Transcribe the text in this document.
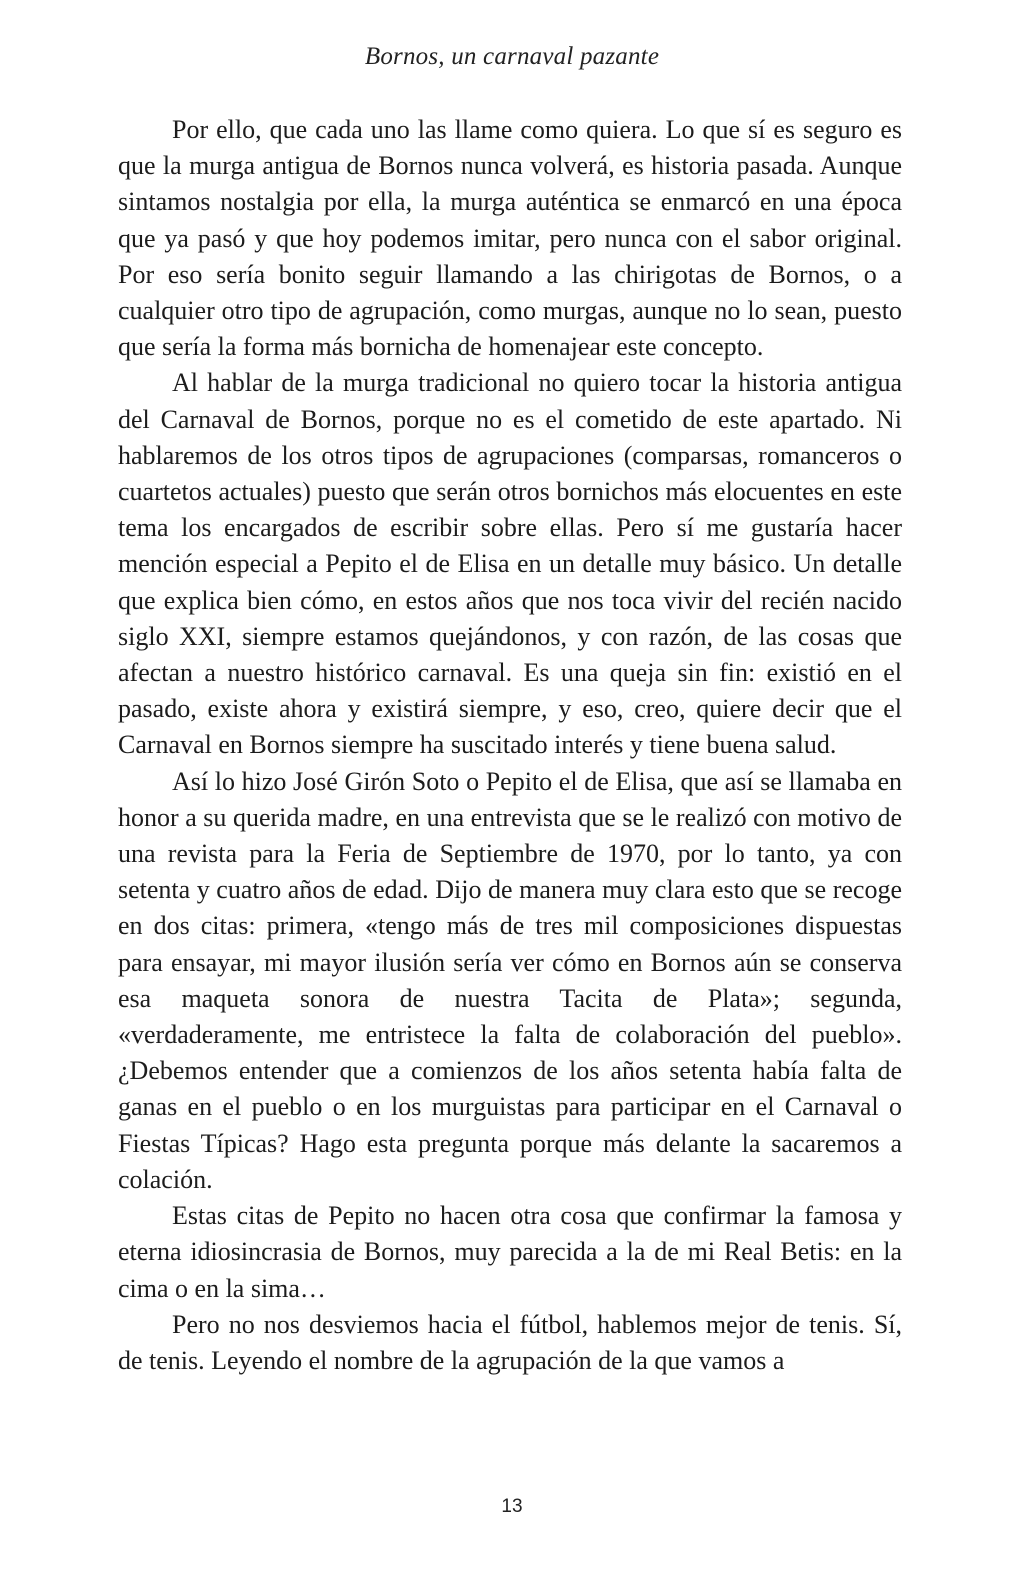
Bornos, un carnaval pazante

Por ello, que cada uno las llame como quiera. Lo que sí es seguro es que la murga antigua de Bornos nunca volverá, es historia pasada. Aunque sintamos nostalgia por ella, la murga auténtica se enmarcó en una época que ya pasó y que hoy podemos imitar, pero nunca con el sabor original. Por eso sería bonito seguir llamando a las chirigotas de Bornos, o a cualquier otro tipo de agrupación, como murgas, aunque no lo sean, puesto que sería la forma más bornicha de homenajear este concepto.

Al hablar de la murga tradicional no quiero tocar la historia antigua del Carnaval de Bornos, porque no es el cometido de este apartado. Ni hablaremos de los otros tipos de agrupaciones (comparsas, romanceros o cuartetos actuales) puesto que serán otros bornichos más elocuentes en este tema los encargados de escribir sobre ellas. Pero sí me gustaría hacer mención especial a Pepito el de Elisa en un detalle muy básico. Un detalle que explica bien cómo, en estos años que nos toca vivir del recién nacido siglo XXI, siempre estamos quejándonos, y con razón, de las cosas que afectan a nuestro histórico carnaval. Es una queja sin fin: existió en el pasado, existe ahora y existirá siempre, y eso, creo, quiere decir que el Carnaval en Bornos siempre ha suscitado interés y tiene buena salud.

Así lo hizo José Girón Soto o Pepito el de Elisa, que así se llamaba en honor a su querida madre, en una entrevista que se le realizó con motivo de una revista para la Feria de Septiembre de 1970, por lo tanto, ya con setenta y cuatro años de edad. Dijo de manera muy clara esto que se recoge en dos citas: primera, «tengo más de tres mil composiciones dispuestas para ensayar, mi mayor ilusión sería ver cómo en Bornos aún se conserva esa maqueta sonora de nuestra Tacita de Plata»; segunda, «verdaderamente, me entristece la falta de colaboración del pueblo». ¿Debemos entender que a comienzos de los años setenta había falta de ganas en el pueblo o en los murguistas para participar en el Carnaval o Fiestas Típicas? Hago esta pregunta porque más delante la sacaremos a colación.

Estas citas de Pepito no hacen otra cosa que confirmar la famosa y eterna idiosincrasia de Bornos, muy parecida a la de mi Real Betis: en la cima o en la sima…

Pero no nos desviemos hacia el fútbol, hablemos mejor de tenis. Sí, de tenis. Leyendo el nombre de la agrupación de la que vamos a

13
